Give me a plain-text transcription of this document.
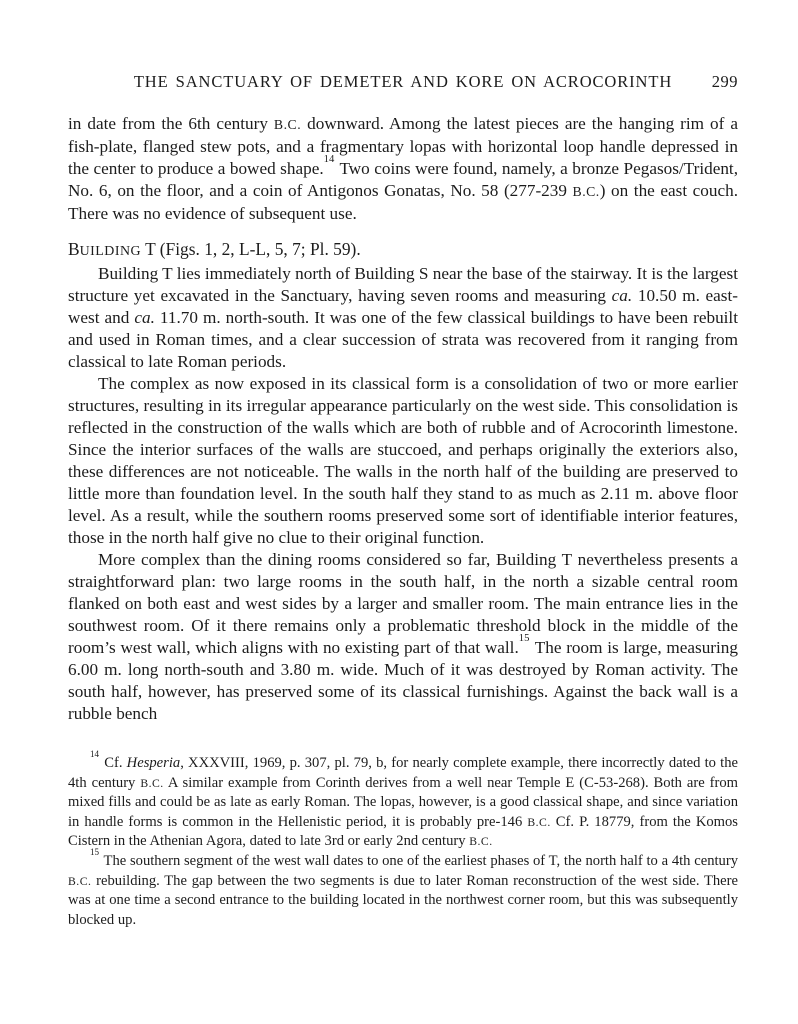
THE SANCTUARY OF DEMETER AND KORE ON ACROCORINTH 299

in date from the 6th century B.C. downward. Among the latest pieces are the hanging rim of a fish-plate, flanged stew pots, and a fragmentary lopas with horizontal loop handle depressed in the center to produce a bowed shape.$^{14}$ Two coins were found, namely, a bronze Pegasos/Trident, No. 6, on the floor, and a coin of Antigonos Gonatas, No. 58 (277-239 B.C.) on the east couch. There was no evidence of subsequent use.

BUILDING T (Figs. 1, 2, L-L, 5, 7; Pl. 59).

Building T lies immediately north of Building S near the base of the stairway. It is the largest structure yet excavated in the Sanctuary, having seven rooms and measuring ca. 10.50 m. east-west and ca. 11.70 m. north-south. It was one of the few classical buildings to have been rebuilt and used in Roman times, and a clear succession of strata was recovered from it ranging from classical to late Roman periods.

The complex as now exposed in its classical form is a consolidation of two or more earlier structures, resulting in its irregular appearance particularly on the west side. This consolidation is reflected in the construction of the walls which are both of rubble and of Acrocorinth limestone. Since the interior surfaces of the walls are stuccoed, and perhaps originally the exteriors also, these differences are not noticeable. The walls in the north half of the building are preserved to little more than foundation level. In the south half they stand to as much as 2.11 m. above floor level. As a result, while the southern rooms preserved some sort of identifiable interior features, those in the north half give no clue to their original function.

More complex than the dining rooms considered so far, Building T nevertheless presents a straightforward plan: two large rooms in the south half, in the north a sizable central room flanked on both east and west sides by a larger and smaller room. The main entrance lies in the southwest room. Of it there remains only a problematic threshold block in the middle of the room’s west wall, which aligns with no existing part of that wall.$^{15}$ The room is large, measuring 6.00 m. long north-south and 3.80 m. wide. Much of it was destroyed by Roman activity. The south half, however, has preserved some of its classical furnishings. Against the back wall is a rubble bench

$^{14}$ Cf. Hesperia, XXXVIII, 1969, p. 307, pl. 79, b, for nearly complete example, there incorrectly dated to the 4th century B.C. A similar example from Corinth derives from a well near Temple E (C-53-268). Both are from mixed fills and could be as late as early Roman. The lopas, however, is a good classical shape, and since variation in handle forms is common in the Hellenistic period, it is probably pre-146 B.C. Cf. P. 18779, from the Komos Cistern in the Athenian Agora, dated to late 3rd or early 2nd century B.C.

$^{15}$ The southern segment of the west wall dates to one of the earliest phases of T, the north half to a 4th century B.C. rebuilding. The gap between the two segments is due to later Roman reconstruction of the west side. There was at one time a second entrance to the building located in the northwest corner room, but this was subsequently blocked up.
